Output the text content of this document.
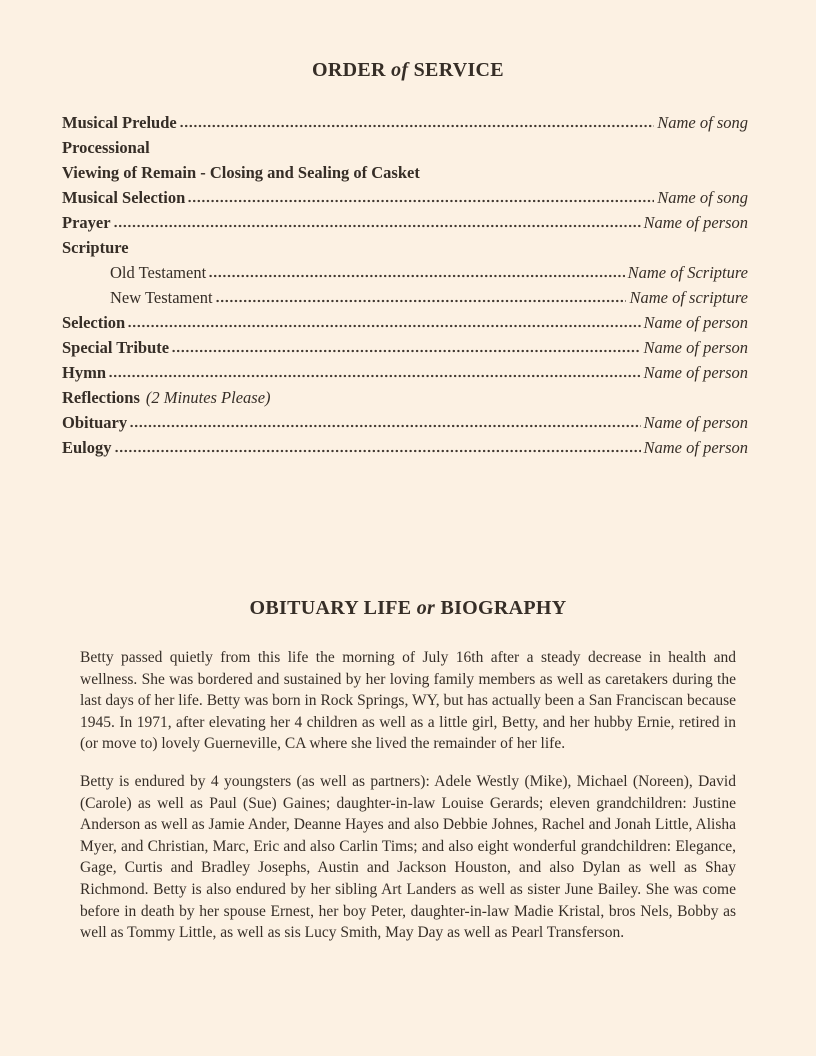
ORDER of SERVICE
Musical Prelude	Name of song
Processional
Viewing of Remain - Closing and Sealing of Casket
Musical Selection	Name of song
Prayer	Name of person
Scripture
Old Testament	Name of Scripture
New Testament	Name of scripture
Selection	Name of person
Special Tribute	Name of person
Hymn	Name of person
Reflections (2 Minutes Please)
Obituary	Name of person
Eulogy	Name of person
OBITUARY LIFE or BIOGRAPHY

Betty passed quietly from this life the morning of July 16th after a steady decrease in health and wellness. She was bordered and sustained by her loving family members as well as caretakers during the last days of her life. Betty was born in Rock Springs, WY, but has actually been a San Franciscan because 1945. In 1971, after elevating her 4 children as well as a little girl, Betty, and her hubby Ernie, retired in (or move to) lovely Guerneville, CA where she lived the remainder of her life.

Betty is endured by 4 youngsters (as well as partners): Adele Westly (Mike), Michael (Noreen), David (Carole) as well as Paul (Sue) Gaines; daughter-in-law Louise Gerards; eleven grandchildren: Justine Anderson as well as Jamie Ander, Deanne Hayes and also Debbie Johnes, Rachel and Jonah Little, Alisha Myer, and Christian, Marc, Eric and also Carlin Tims; and also eight wonderful grandchildren: Elegance, Gage, Curtis and Bradley Josephs, Austin and Jackson Houston, and also Dylan as well as Shay Richmond. Betty is also endured by her sibling Art Landers as well as sister June Bailey. She was come before in death by her spouse Ernest, her boy Peter, daughter-in-law Madie Kristal, bros Nels, Bobby as well as Tommy Little, as well as sis Lucy Smith, May Day as well as Pearl Transferson.
